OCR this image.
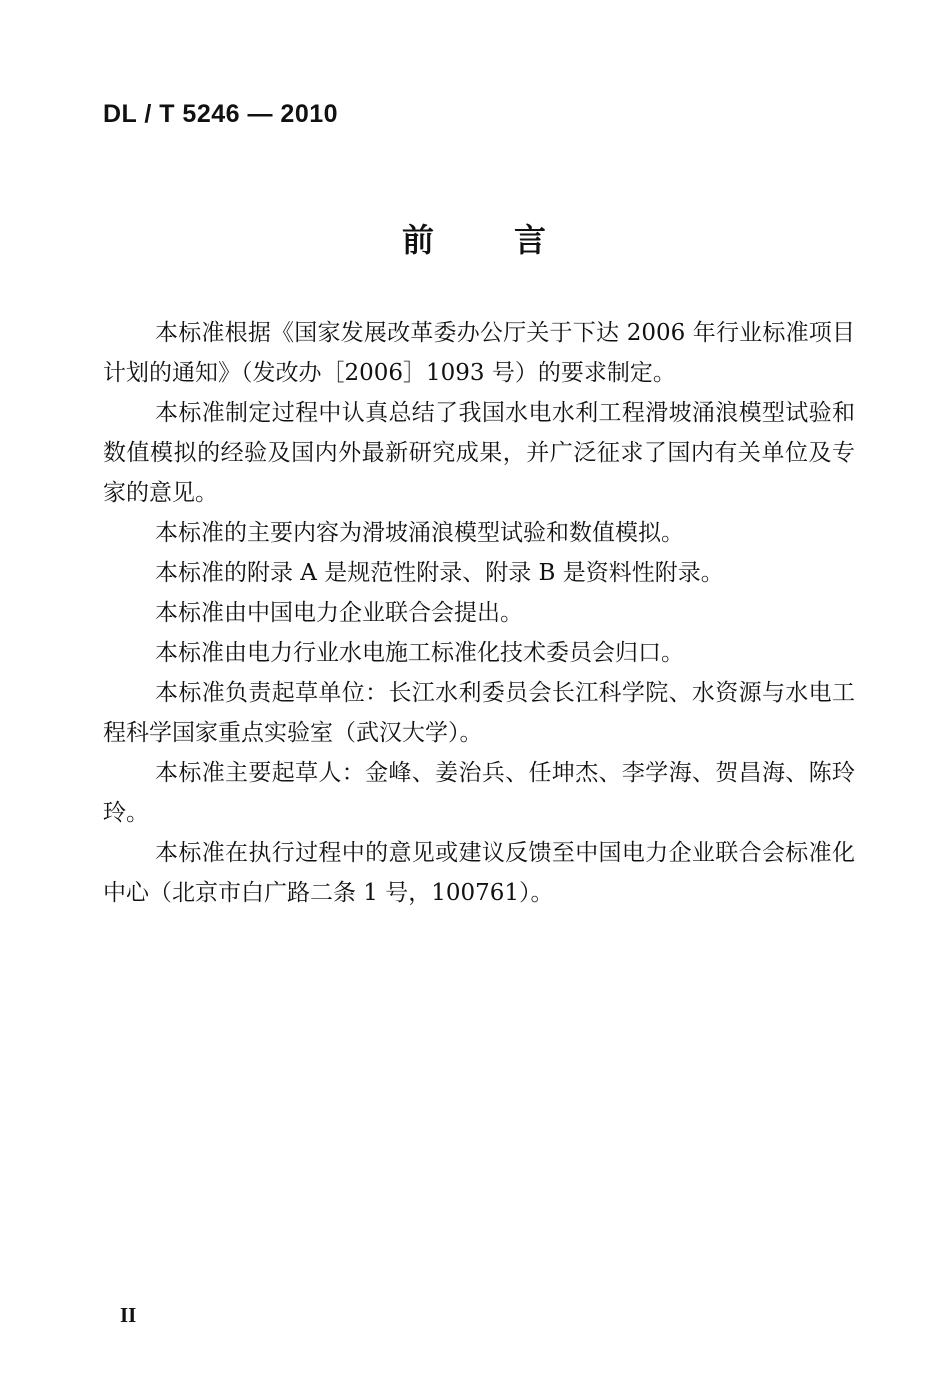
DL / T 5246 — 2010
前 言

本标准根据《国家发展改革委办公厅关于下达 2006 年行业标准项目计划的通知》（发改办［2006］1093 号）的要求制定。

本标准制定过程中认真总结了我国水电水利工程滑坡涌浪模型试验和数值模拟的经验及国内外最新研究成果，并广泛征求了国内有关单位及专家的意见。

本标准的主要内容为滑坡涌浪模型试验和数值模拟。

本标准的附录 A 是规范性附录、附录 B 是资料性附录。

本标准由中国电力企业联合会提出。

本标准由电力行业水电施工标准化技术委员会归口。

本标准负责起草单位：长江水利委员会长江科学院、水资源与水电工程科学国家重点实验室（武汉大学）。

本标准主要起草人：金峰、姜治兵、任坤杰、李学海、贺昌海、陈玲玲。

本标准在执行过程中的意见或建议反馈至中国电力企业联合会标准化中心（北京市白广路二条 1 号，100761）。

II
